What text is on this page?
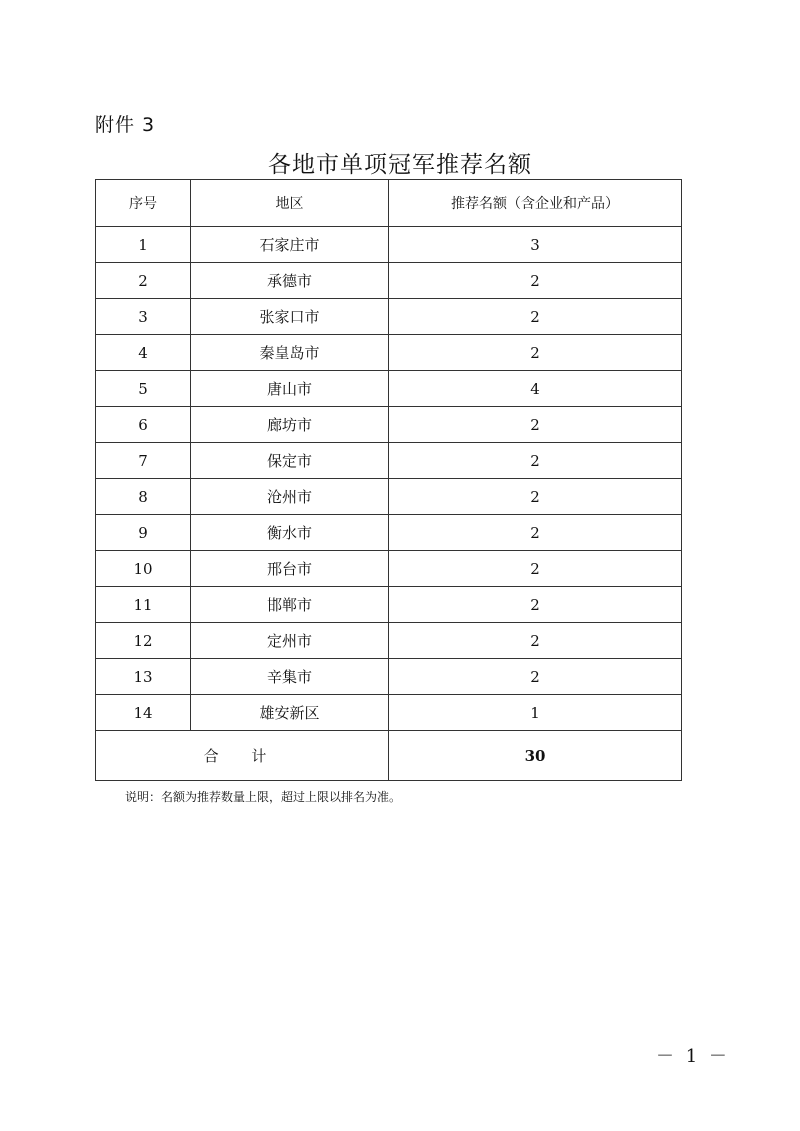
附件 3
各地市单项冠军推荐名额
序号	地区	推荐名额（含企业和产品）
1	石家庄市	3
2	承德市	2
3	张家口市	2
4	秦皇岛市	2
5	唐山市	4
6	廊坊市	2
7	保定市	2
8	沧州市	2
9	衡水市	2
10	邢台市	2
11	邯郸市	2
12	定州市	2
13	辛集市	2
14	雄安新区	1
合 计		30
说明：名额为推荐数量上限，超过上限以排名为准。
－ 1 －
